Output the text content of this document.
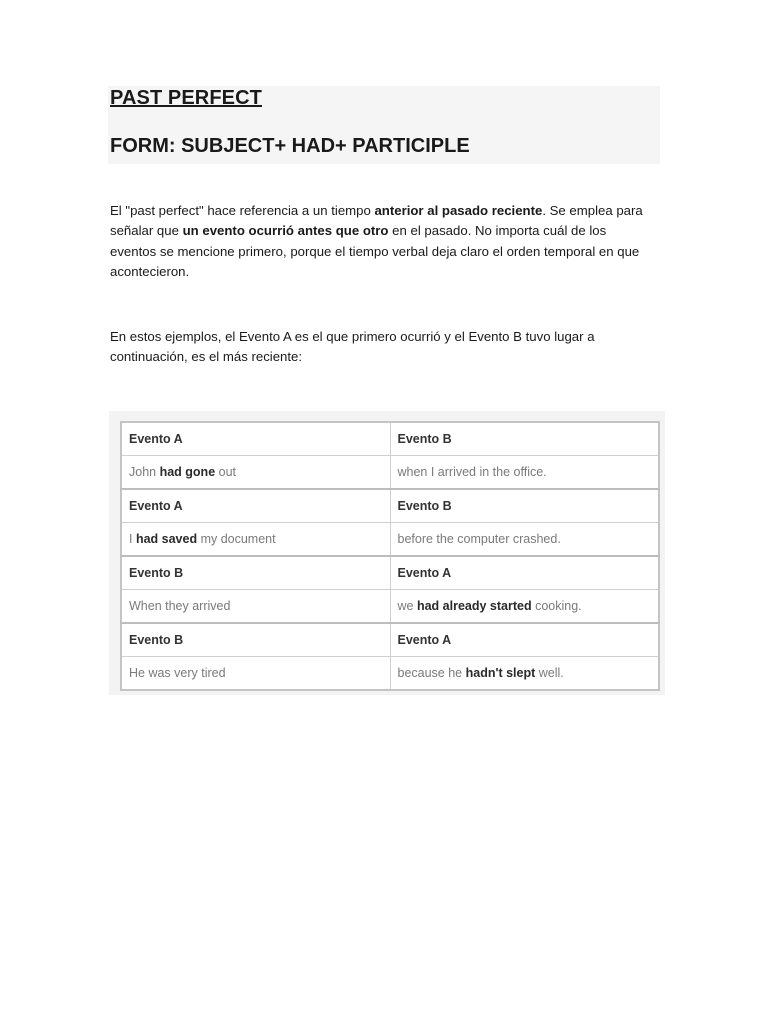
PAST PERFECT
FORM: SUBJECT+ HAD+ PARTICIPLE

El "past perfect" hace referencia a un tiempo anterior al pasado reciente. Se emplea para señalar que un evento ocurrió antes que otro en el pasado. No importa cuál de los eventos se mencione primero, porque el tiempo verbal deja claro el orden temporal en que acontecieron.

En estos ejemplos, el Evento A es el que primero ocurrió y el Evento B tuvo lugar a continuación, es el más reciente:

Evento A	Evento B
John had gone out	when I arrived in the office.
Evento A	Evento B
I had saved my document	before the computer crashed.
Evento B	Evento A
When they arrived	we had already started cooking.
Evento B	Evento A
He was very tired	because he hadn't slept well.
